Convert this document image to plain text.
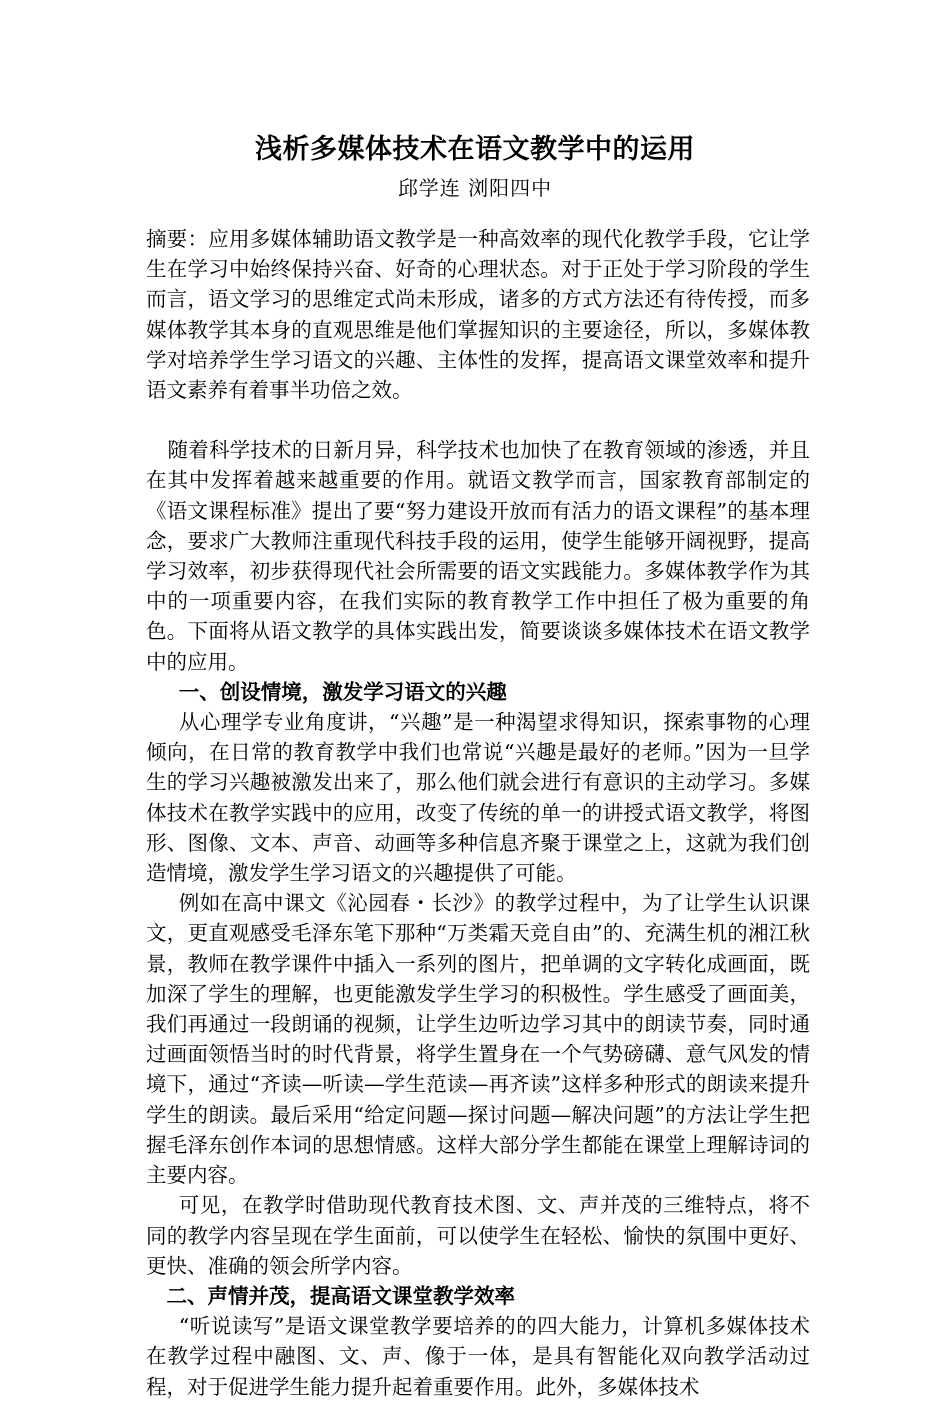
浅析多媒体技术在语文教学中的运用
邱学连 浏阳四中

摘要：应用多媒体辅助语文教学是一种高效率的现代化教学手段，它让学生在学习中始终保持兴奋、好奇的心理状态。对于正处于学习阶段的学生而言，语文学习的思维定式尚未形成，诸多的方式方法还有待传授，而多媒体教学其本身的直观思维是他们掌握知识的主要途径，所以，多媒体教学对培养学生学习语文的兴趣、主体性的发挥，提高语文课堂效率和提升语文素养有着事半功倍之效。

随着科学技术的日新月异，科学技术也加快了在教育领域的渗透，并且在其中发挥着越来越重要的作用。就语文教学而言，国家教育部制定的《语文课程标准》提出了要“努力建设开放而有活力的语文课程”的基本理念，要求广大教师注重现代科技手段的运用，使学生能够开阔视野，提高学习效率，初步获得现代社会所需要的语文实践能力。多媒体教学作为其中的一项重要内容，在我们实际的教育教学工作中担任了极为重要的角色。下面将从语文教学的具体实践出发，简要谈谈多媒体技术在语文教学中的应用。

一、创设情境，激发学习语文的兴趣

从心理学专业角度讲，“兴趣”是一种渴望求得知识，探索事物的心理倾向，在日常的教育教学中我们也常说“兴趣是最好的老师。”因为一旦学生的学习兴趣被激发出来了，那么他们就会进行有意识的主动学习。多媒体技术在教学实践中的应用，改变了传统的单一的讲授式语文教学，将图形、图像、文本、声音、动画等多种信息齐聚于课堂之上，这就为我们创造情境，激发学生学习语文的兴趣提供了可能。

例如在高中课文《沁园春・长沙》的教学过程中，为了让学生认识课文，更直观感受毛泽东笔下那种“万类霜天竞自由”的、充满生机的湘江秋景，教师在教学课件中插入一系列的图片，把单调的文字转化成画面，既加深了学生的理解，也更能激发学生学习的积极性。学生感受了画面美，我们再通过一段朗诵的视频，让学生边听边学习其中的朗读节奏，同时通过画面领悟当时的时代背景，将学生置身在一个气势磅礴、意气风发的情境下，通过“齐读—听读—学生范读—再齐读”这样多种形式的朗读来提升学生的朗读。最后采用“给定问题—探讨问题—解决问题”的方法让学生把握毛泽东创作本词的思想情感。这样大部分学生都能在课堂上理解诗词的主要内容。

可见，在教学时借助现代教育技术图、文、声并茂的三维特点，将不同的教学内容呈现在学生面前，可以使学生在轻松、愉快的氛围中更好、更快、准确的领会所学内容。

二、声情并茂，提高语文课堂教学效率

“听说读写”是语文课堂教学要培养的的四大能力，计算机多媒体技术在教学过程中融图、文、声、像于一体，是具有智能化双向教学活动过程，对于促进学生能力提升起着重要作用。此外，多媒体技术
